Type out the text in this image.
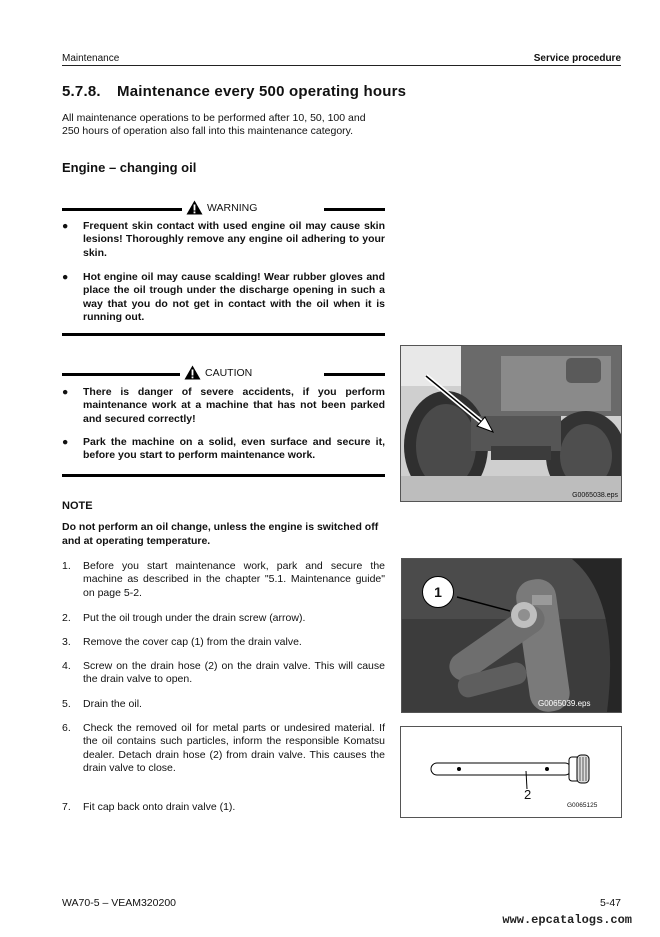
Maintenance	Service procedure
5.7.8. Maintenance every 500 operating hours
All maintenance operations to be performed after 10, 50, 100 and 250 hours of operation also fall into this maintenance category.
Engine – changing oil
WARNING
● Frequent skin contact with used engine oil may cause skin lesions! Thoroughly remove any engine oil adhering to your skin.
● Hot engine oil may cause scalding! Wear rubber gloves and place the oil trough under the discharge opening in such a way that you do not get in contact with the oil when it is running out.
CAUTION
● There is danger of severe accidents, if you perform maintenance work at a machine that has not been parked and secured correctly!
● Park the machine on a solid, even surface and secure it, before you start to perform maintenance work.
NOTE
Do not perform an oil change, unless the engine is switched off and at operating temperature.
1. Before you start maintenance work, park and secure the machine as described in the chapter "5.1. Maintenance guide" on page 5-2.
2. Put the oil trough under the drain screw (arrow).
3. Remove the cover cap (1) from the drain valve.
4. Screw on the drain hose (2) on the drain valve. This will cause the drain valve to open.
5. Drain the oil.
6. Check the removed oil for metal parts or undesired material. If the oil contains such particles, inform the responsible Komatsu dealer. Detach drain hose (2) from drain valve. This causes the drain valve to close.
7. Fit cap back onto drain valve (1).
G0065038.eps
1
G0065039.eps
2
G0065125
WA70-5 – VEAM320200	5-47
www.epcatalogs.com
